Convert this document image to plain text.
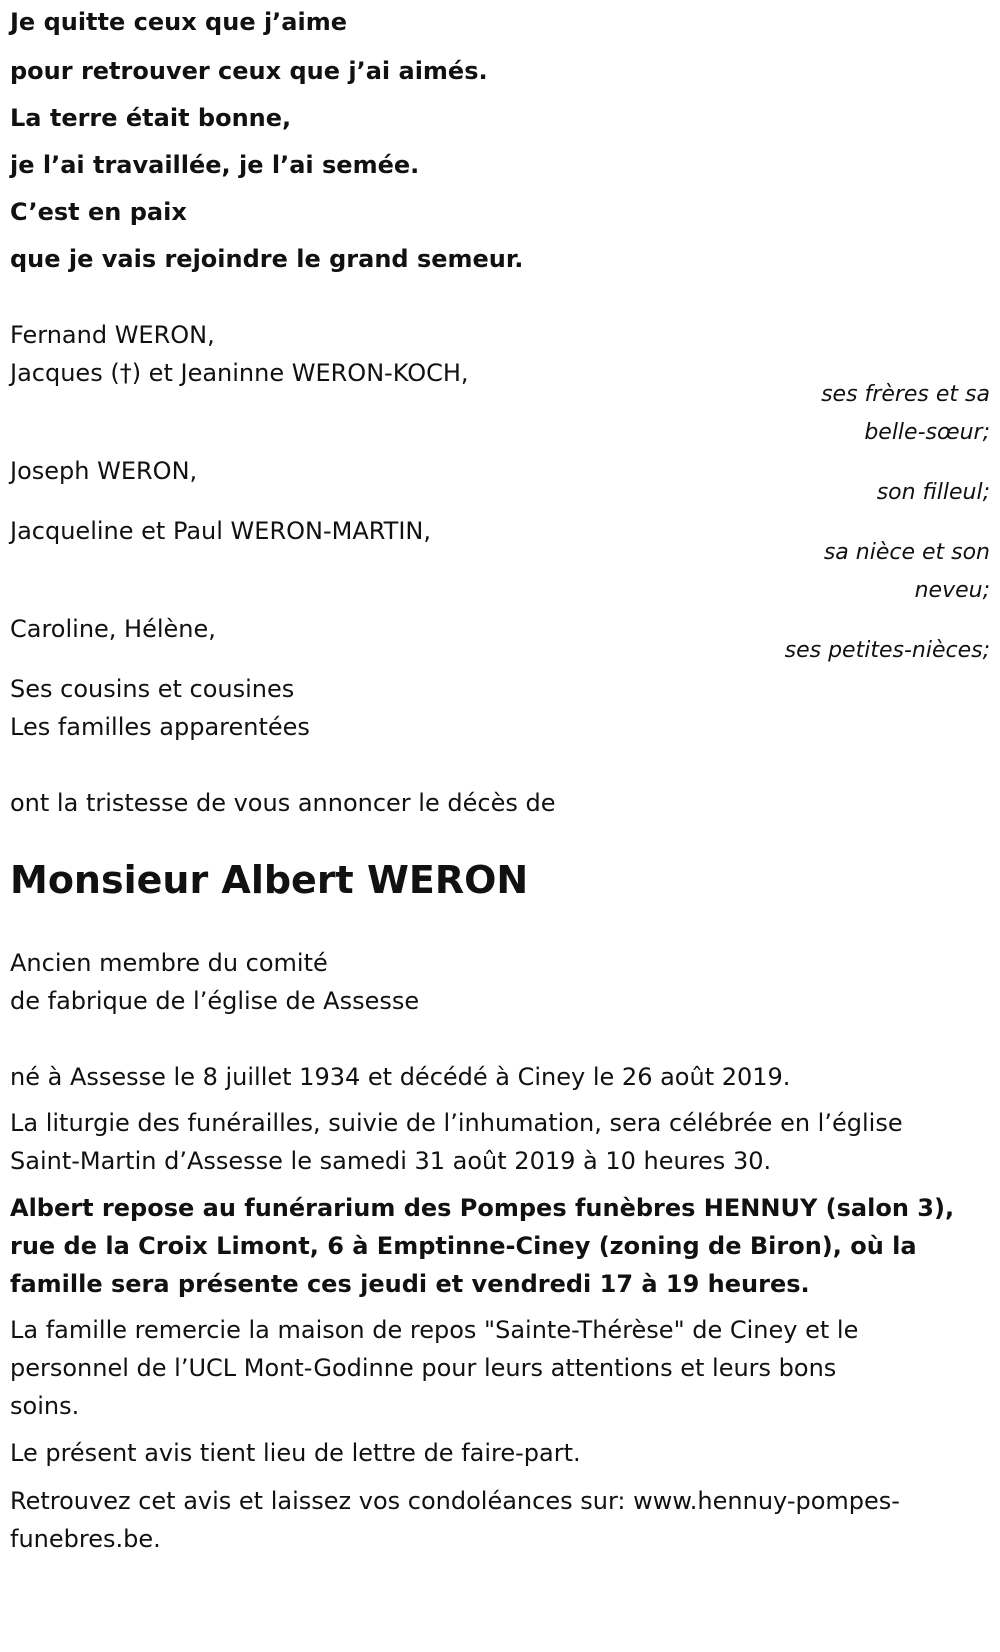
Je quitte ceux que j’aime
pour retrouver ceux que j’ai aimés.
La terre était bonne,
je l’ai travaillée, je l’ai semée.
C’est en paix
que je vais rejoindre le grand semeur.
Fernand WERON,
Jacques (†) et Jeaninne WERON-KOCH,
ses frères et sa
belle-sœur;
Joseph WERON,
son filleul;
Jacqueline et Paul WERON-MARTIN,
sa nièce et son
neveu;
Caroline, Hélène,
ses petites-nièces;
Ses cousins et cousines
Les familles apparentées
ont la tristesse de vous annoncer le décès de
Monsieur Albert WERON
Ancien membre du comité
de fabrique de l’église de Assesse
né à Assesse le 8 juillet 1934 et décédé à Ciney le 26 août 2019.
La liturgie des funérailles, suivie de l’inhumation, sera célébrée en l’église
Saint-Martin d’Assesse le samedi 31 août 2019 à 10 heures 30.
Albert repose au funérarium des Pompes funèbres HENNUY (salon 3),
rue de la Croix Limont, 6 à Emptinne-Ciney (zoning de Biron), où la
famille sera présente ces jeudi et vendredi 17 à 19 heures.
La famille remercie la maison de repos "Sainte-Thérèse" de Ciney et le
personnel de l’UCL Mont-Godinne pour leurs attentions et leurs bons
soins.
Le présent avis tient lieu de lettre de faire-part.
Retrouvez cet avis et laissez vos condoléances sur: www.hennuy-pompes-
funebres.be.
